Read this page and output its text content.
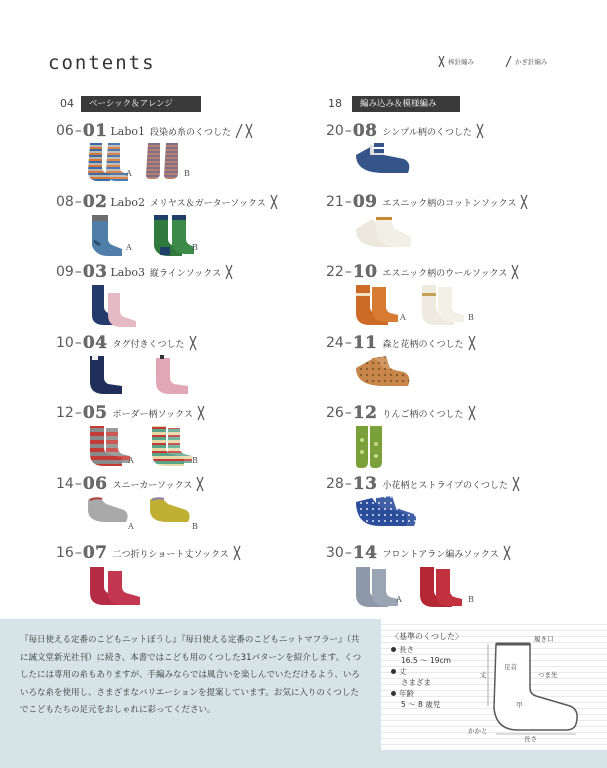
contents	棒針編み	かぎ針編み
04	ベーシック＆アレンジ	18	編み込み＆模様編み
06 – 01 Labo1 段染め糸のくつした
A	B
08 – 02 Labo2 メリヤス＆ガーターソックス
A	B
09 – 03 Labo3 縦ラインソックス
10 – 04 タグ付きくつした
12 – 05 ボーダー柄ソックス
A	B
14 – 06 スニーカーソックス
A	B
16 – 07 二つ折りショート丈ソックス
20 – 08 シンプル柄のくつした
21 – 09 エスニック柄のコットンソックス
22 – 10 エスニック柄のウールソックス
A	B
24 – 11 森と花柄のくつした
26 – 12 りんご柄のくつした
28 – 13 小花柄とストライプのくつした
30 – 14 フロントアラン編みソックス
A	B
『毎日使える定番のこどもニットぼうし』『毎日使える定番のこどもニットマフラー』（共に誠文堂新光社刊）に続き、本書ではこども用のくつした31パターンを紹介します。くつしたには専用の糸もありますが、手編みならでは風合いを楽しんでいただけるよう、いろいろな糸を使用し、さまざまなバリエーションを提案しています。お気に入りのくつしたでこどもたちの足元をおしゃれに彩ってください。
〈基準のくつした〉
長さ
16.5 〜 19cm
丈
さまざま
年齢
5 〜 8 歳児
履き口
丈
足首
つま先
甲
かかと
長さ
